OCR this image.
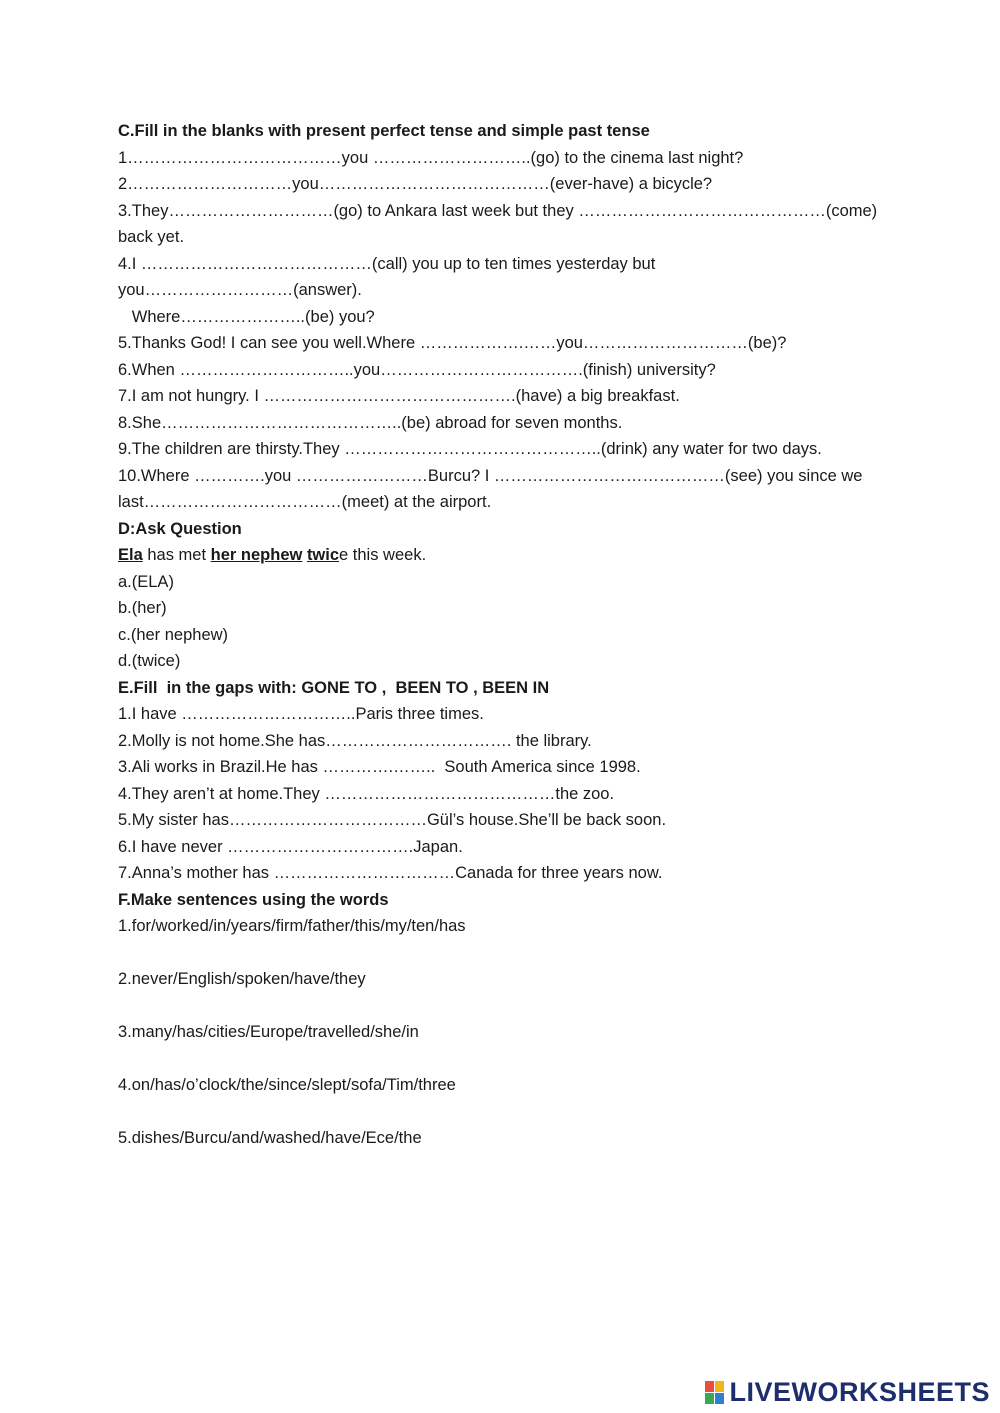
C.Fill in the blanks with present perfect tense and simple past tense
1…………………………………you ………………………..(go) to the cinema last night?
2…………………………you……………………………………(ever-have) a bicycle?
3.They…………………………(go) to Ankara last week but they ………………………………………(come)
back yet.
4.I ……………………………………(call) you up to ten times yesterday but
you………………………(answer).
Where…………………..(be) you?
5.Thanks God! I can see you well.Where ……………….……you…………………………(be)?
6.When …………………………..you……………………………….(finish) university?
7.I am not hungry. I ……………………………………….(have) a big breakfast.
8.She……………………………………..(be) abroad for seven months.
9.The children are thirsty.They ………………………………………..(drink) any water for two days.
10.Where ………….you ……………………Burcu? I ……………………………………(see) you since we
last………………………………(meet) at the airport.
D:Ask Question
Ela has met her nephew twice this week.
a.(ELA)
b.(her)
c.(her nephew)
d.(twice)
E.Fill  in the gaps with: GONE TO ,  BEEN TO , BEEN IN
1.I have …………………………..Paris three times.
2.Molly is not home.She has……………………………. the library.
3.Ali works in Brazil.He has ………….……..  South America since 1998.
4.They aren’t at home.They ……………………………………the zoo.
5.My sister has………………………………Gül’s house.She’ll be back soon.
6.I have never …………………………….Japan.
7.Anna’s mother has ……………………………Canada for three years now.
F.Make sentences using the words
1.for/worked/in/years/firm/father/this/my/ten/has
2.never/English/spoken/have/they
3.many/has/cities/Europe/travelled/she/in
4.on/has/o’clock/the/since/slept/sofa/Tim/three
5.dishes/Burcu/and/washed/have/Ece/the
LIVEWORKSHEETS
